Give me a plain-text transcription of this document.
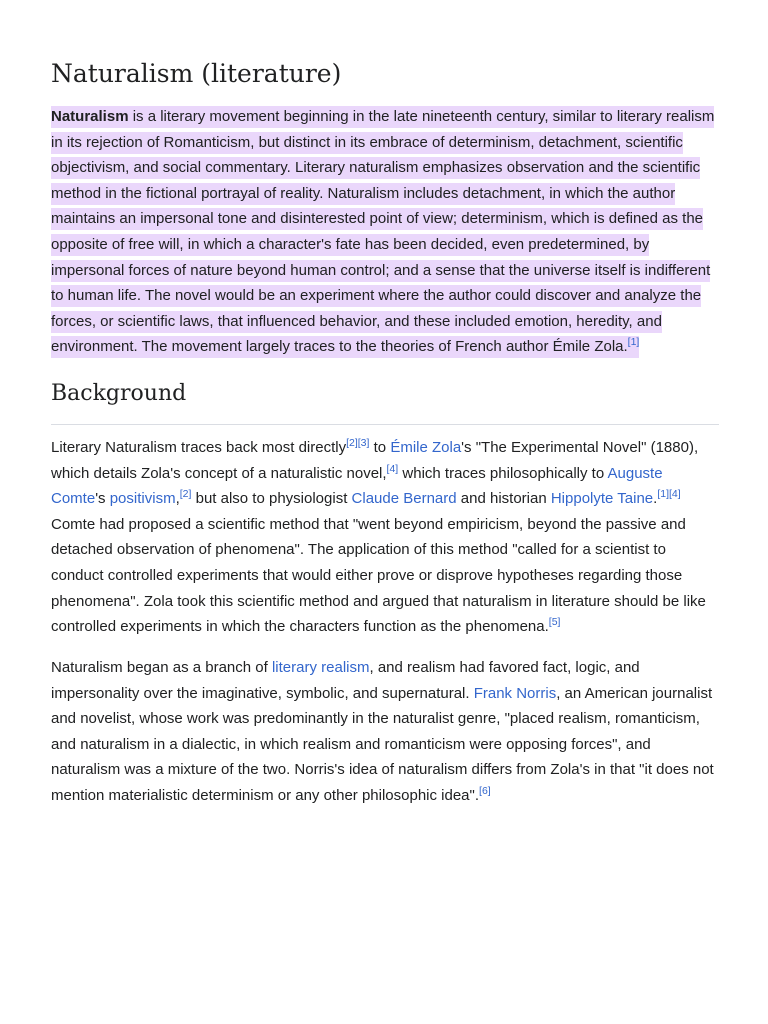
Naturalism (literature)

Naturalism is a literary movement beginning in the late nineteenth century, similar to literary realism in its rejection of Romanticism, but distinct in its embrace of determinism, detachment, scientific objectivism, and social commentary. Literary naturalism emphasizes observation and the scientific method in the fictional portrayal of reality. Naturalism includes detachment, in which the author maintains an impersonal tone and disinterested point of view; determinism, which is defined as the opposite of free will, in which a character's fate has been decided, even predetermined, by impersonal forces of nature beyond human control; and a sense that the universe itself is indifferent to human life. The novel would be an experiment where the author could discover and analyze the forces, or scientific laws, that influenced behavior, and these included emotion, heredity, and environment. The movement largely traces to the theories of French author Émile Zola.[1]

Background

Literary Naturalism traces back most directly[2][3] to Émile Zola's "The Experimental Novel" (1880), which details Zola's concept of a naturalistic novel,[4] which traces philosophically to Auguste Comte's positivism,[2] but also to physiologist Claude Bernard and historian Hippolyte Taine.[1][4] Comte had proposed a scientific method that "went beyond empiricism, beyond the passive and detached observation of phenomena". The application of this method "called for a scientist to conduct controlled experiments that would either prove or disprove hypotheses regarding those phenomena". Zola took this scientific method and argued that naturalism in literature should be like controlled experiments in which the characters function as the phenomena.[5]

Naturalism began as a branch of literary realism, and realism had favored fact, logic, and impersonality over the imaginative, symbolic, and supernatural. Frank Norris, an American journalist and novelist, whose work was predominantly in the naturalist genre, "placed realism, romanticism, and naturalism in a dialectic, in which realism and romanticism were opposing forces", and naturalism was a mixture of the two. Norris's idea of naturalism differs from Zola's in that "it does not mention materialistic determinism or any other philosophic idea".[6]
